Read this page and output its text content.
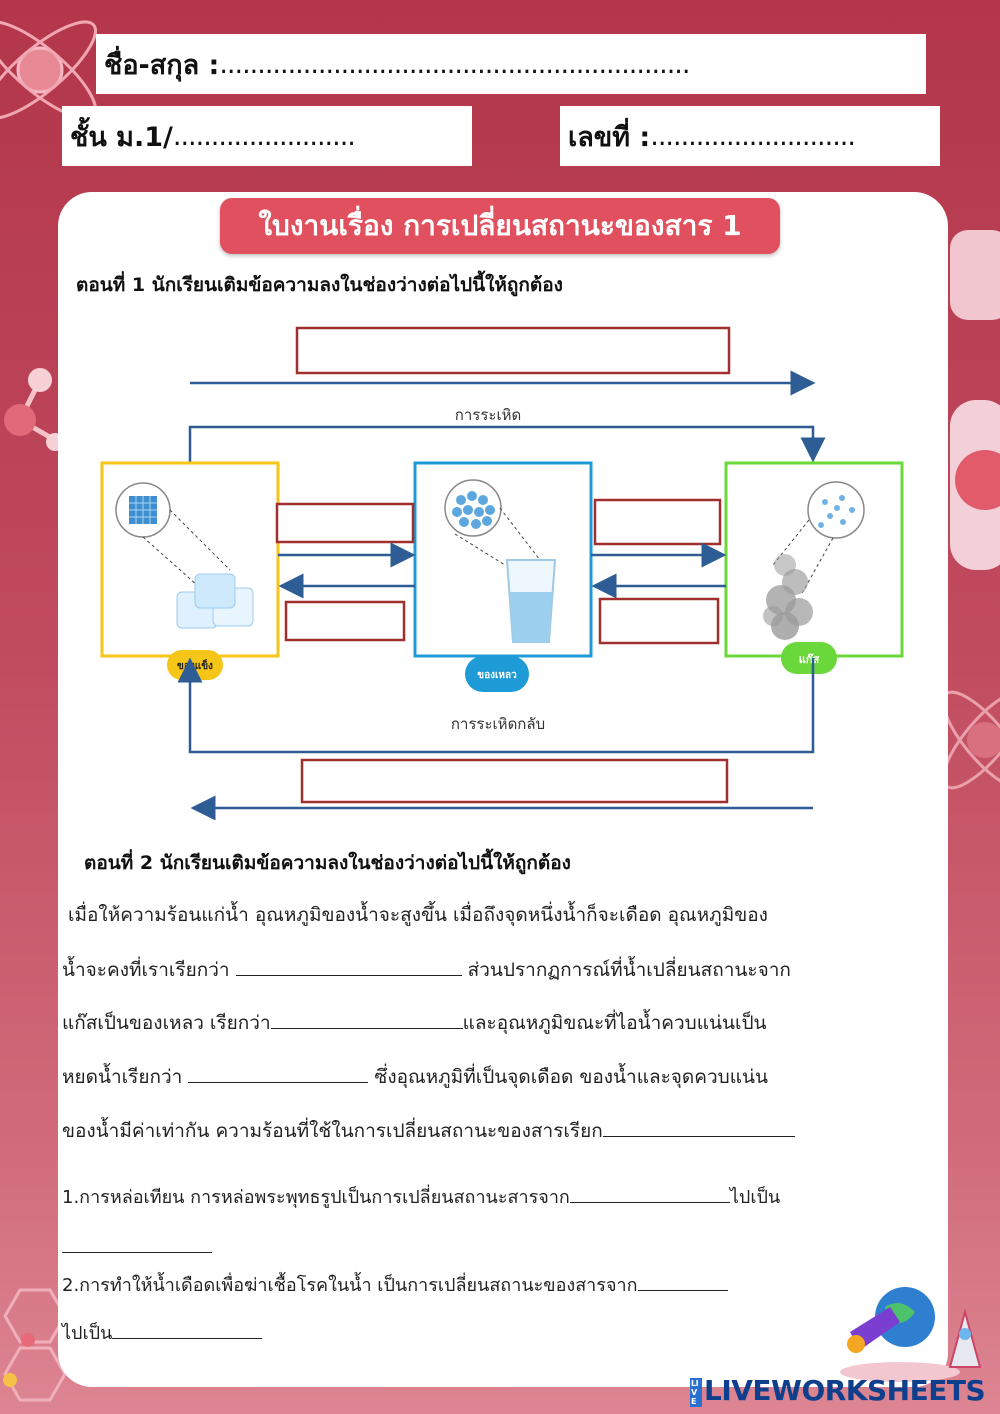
ชื่อ-สกุล : ..............................................................
ชั้น ม.1/ ........................	เลขที่ : ...........................
ใบงานเรื่อง การเปลี่ยนสถานะของสาร 1
ตอนที่ 1 นักเรียนเติมข้อความลงในช่องว่างต่อไปนี้ให้ถูกต้อง
การระเหิด
ของแข็ง
ของเหลว
แก๊ส
การระเหิดกลับ
ตอนที่ 2 นักเรียนเติมข้อความลงในช่องว่างต่อไปนี้ให้ถูกต้อง
เมื่อให้ความร้อนแก่น้ำ อุณหภูมิของน้ำจะสูงขึ้น เมื่อถึงจุดหนึ่งน้ำก็จะเดือด อุณหภูมิของ
น้ำจะคงที่เราเรียกว่า	ส่วนปรากฏการณ์ที่น้ำเปลี่ยนสถานะจาก
แก๊สเป็นของเหลว เรียกว่า	และอุณหภูมิขณะที่ไอน้ำควบแน่นเป็น
หยดน้ำเรียกว่า	ซึ่งอุณหภูมิที่เป็นจุดเดือด ของน้ำและจุดควบแน่น
ของน้ำมีค่าเท่ากัน ความร้อนที่ใช้ในการเปลี่ยนสถานะของสารเรียก
1.การหล่อเทียน การหล่อพระพุทธรูปเป็นการเปลี่ยนสถานะสารจาก	ไปเป็น
2.การทำให้น้ำเดือดเพื่อฆ่าเชื้อโรคในน้ำ เป็นการเปลี่ยนสถานะของสารจาก
ไปเป็น
LIVE LIVEWORKSHEETS
